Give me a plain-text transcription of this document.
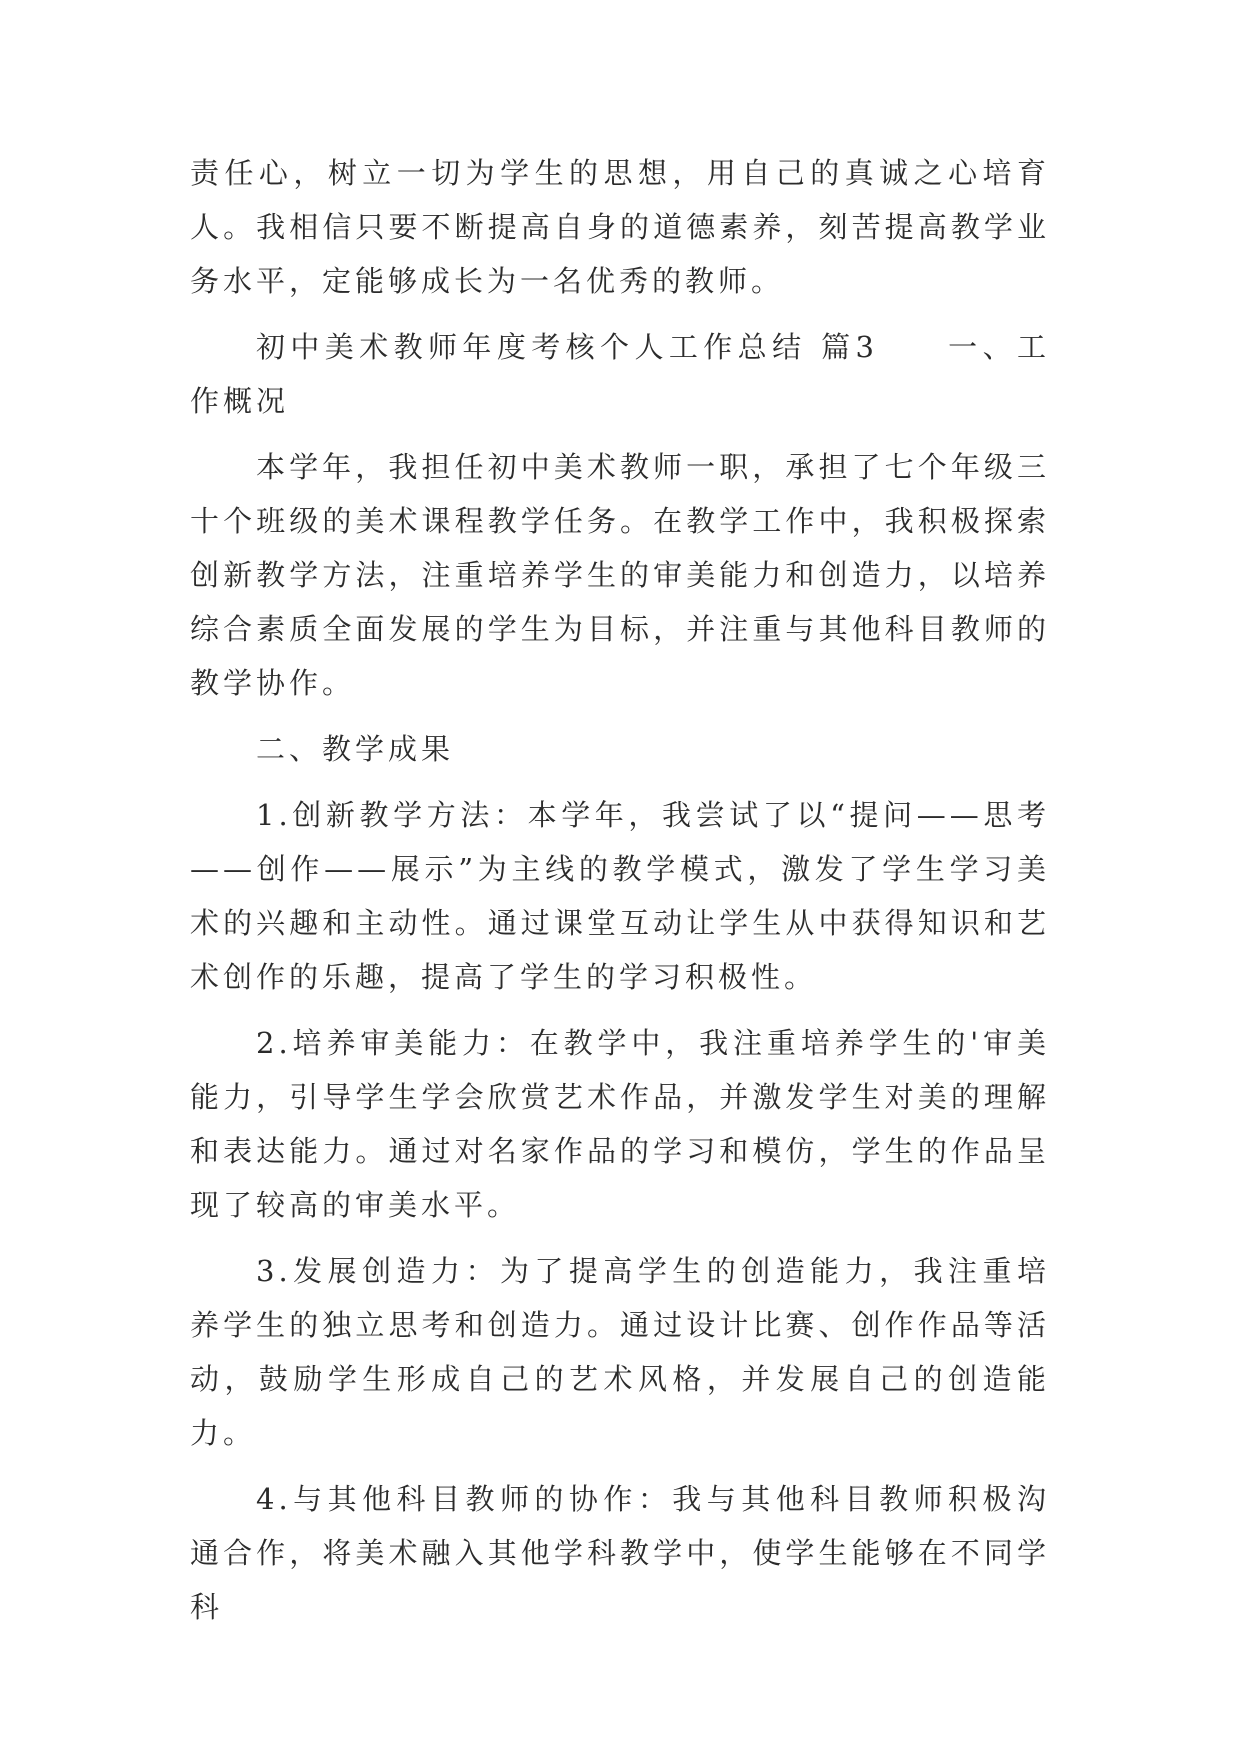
责任心，树立一切为学生的思想，用自己的真诚之心培育人。我相信只要不断提高自身的道德素养，刻苦提高教学业务水平，定能够成长为一名优秀的教师。

初中美术教师年度考核个人工作总结 篇3　　一、工作概况

本学年，我担任初中美术教师一职，承担了七个年级三十个班级的美术课程教学任务。在教学工作中，我积极探索创新教学方法，注重培养学生的审美能力和创造力，以培养综合素质全面发展的学生为目标，并注重与其他科目教师的教学协作。

二、教学成果

1.创新教学方法：本学年，我尝试了以“提问——思考——创作——展示”为主线的教学模式，激发了学生学习美术的兴趣和主动性。通过课堂互动让学生从中获得知识和艺术创作的乐趣，提高了学生的学习积极性。

2.培养审美能力：在教学中，我注重培养学生的'审美能力，引导学生学会欣赏艺术作品，并激发学生对美的理解和表达能力。通过对名家作品的学习和模仿，学生的作品呈现了较高的审美水平。

3.发展创造力：为了提高学生的创造能力，我注重培养学生的独立思考和创造力。通过设计比赛、创作作品等活动，鼓励学生形成自己的艺术风格，并发展自己的创造能力。

4.与其他科目教师的协作：我与其他科目教师积极沟通合作，将美术融入其他学科教学中，使学生能够在不同学科
